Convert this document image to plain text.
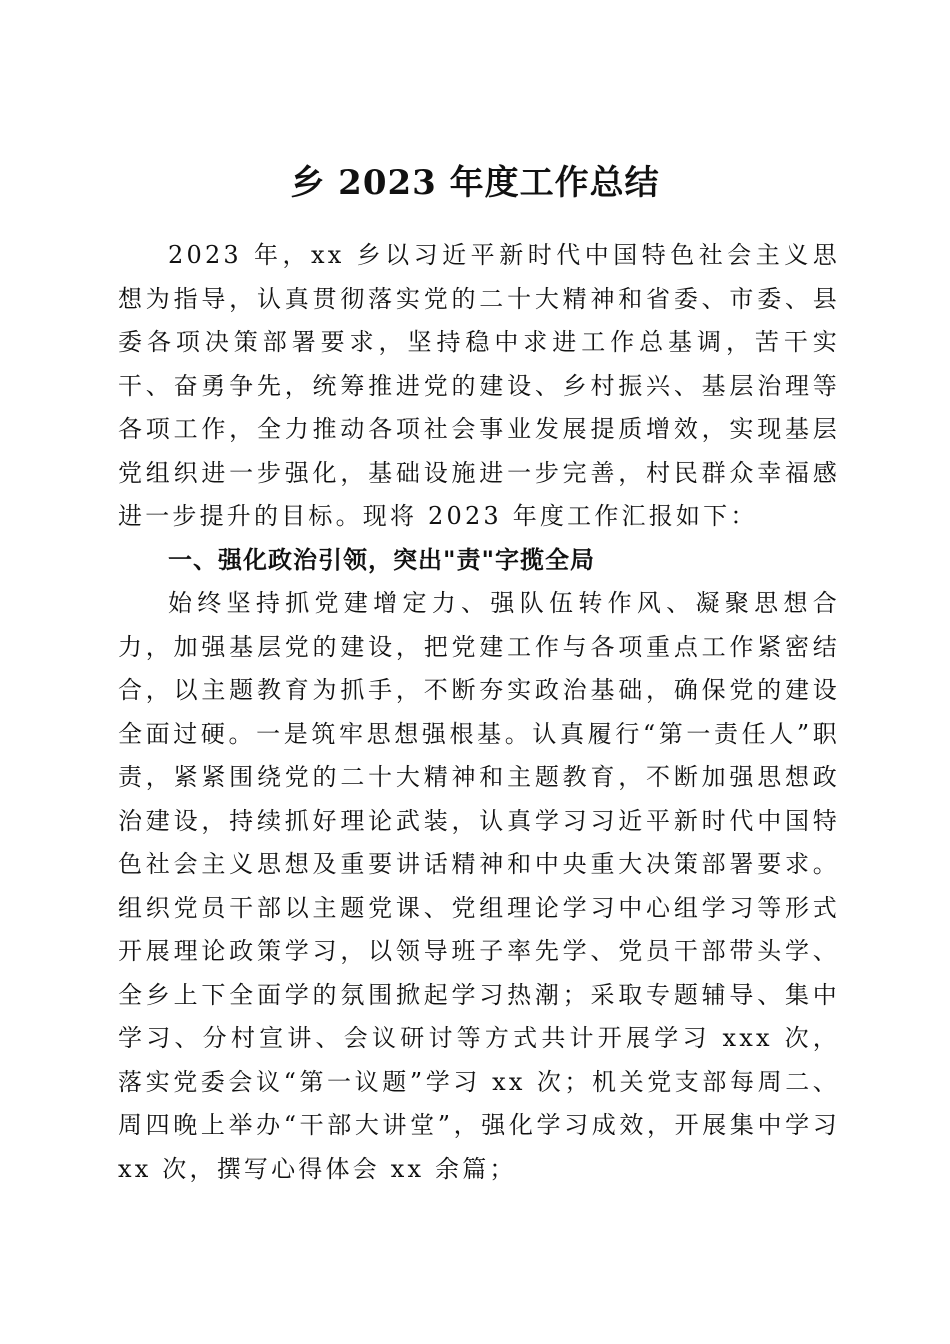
乡 2023 年度工作总结

2023 年，xx 乡以习近平新时代中国特色社会主义思想为指导，认真贯彻落实党的二十大精神和省委、市委、县委各项决策部署要求，坚持稳中求进工作总基调，苦干实干、奋勇争先，统筹推进党的建设、乡村振兴、基层治理等各项工作，全力推动各项社会事业发展提质增效，实现基层党组织进一步强化，基础设施进一步完善，村民群众幸福感进一步提升的目标。现将 2023 年度工作汇报如下：

一、强化政治引领，突出"责"字揽全局

始终坚持抓党建增定力、强队伍转作风、凝聚思想合力，加强基层党的建设，把党建工作与各项重点工作紧密结合，以主题教育为抓手，不断夯实政治基础，确保党的建设全面过硬。一是筑牢思想强根基。认真履行“第一责任人”职责，紧紧围绕党的二十大精神和主题教育，不断加强思想政治建设，持续抓好理论武装，认真学习习近平新时代中国特色社会主义思想及重要讲话精神和中央重大决策部署要求。组织党员干部以主题党课、党组理论学习中心组学习等形式开展理论政策学习，以领导班子率先学、党员干部带头学、全乡上下全面学的氛围掀起学习热潮；采取专题辅导、集中学习、分村宣讲、会议研讨等方式共计开展学习 xxx 次，落实党委会议“第一议题”学习 xx 次；机关党支部每周二、周四晚上举办“干部大讲堂”，强化学习成效，开展集中学习 xx 次，撰写心得体会 xx 余篇；
